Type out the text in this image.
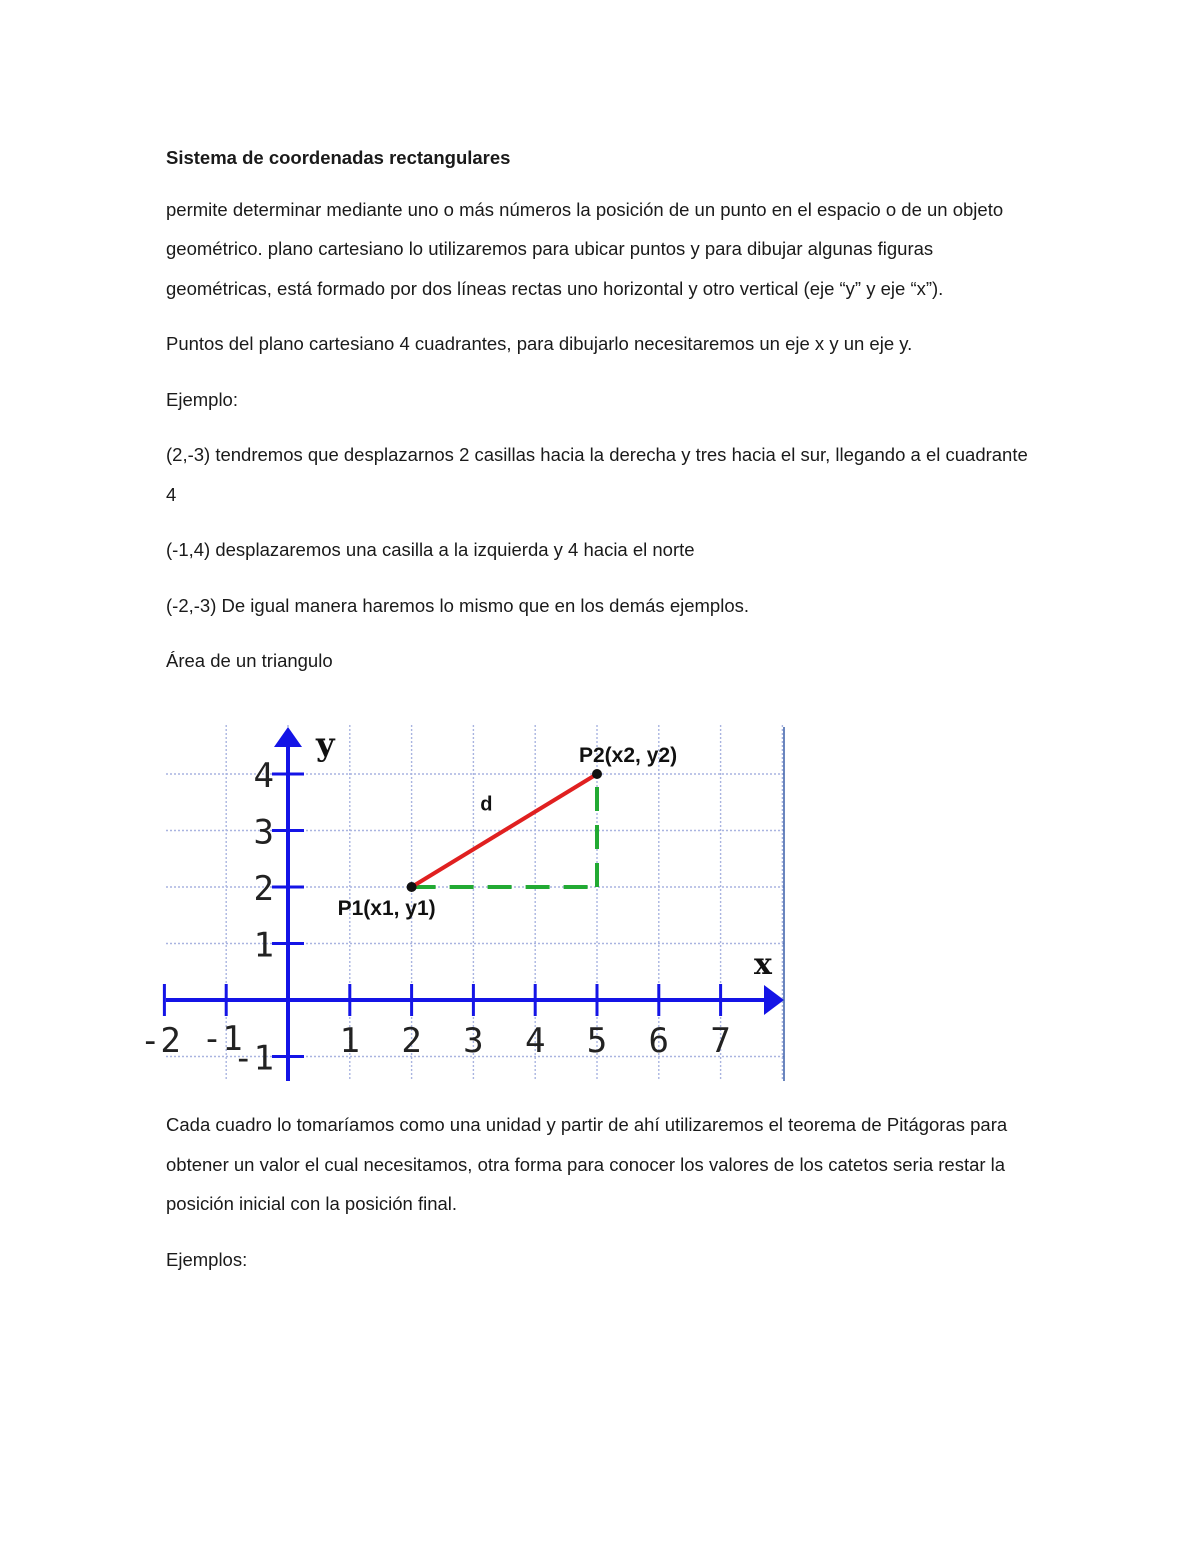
Sistema de coordenadas rectangulares

permite determinar mediante uno o más números la posición de un punto en el espacio o de un objeto geométrico. plano cartesiano lo utilizaremos para ubicar puntos y para dibujar algunas figuras geométricas, está formado por dos líneas rectas uno horizontal y otro vertical (eje “y” y eje “x”).

Puntos del plano cartesiano 4 cuadrantes, para dibujarlo necesitaremos un eje x y un eje y.

Ejemplo:

(2,-3) tendremos que desplazarnos 2 casillas hacia la derecha y tres hacia el sur, llegando a el cuadrante 4

(-1,4) desplazaremos una casilla a la izquierda y 4 hacia el norte

(-2,-3) De igual manera haremos lo mismo que en los demás ejemplos.

Área de un triangulo

-2 -1	1 2 3 4 5 6 7
4
3
2
1
-1
x
y
P1(x1, y1)
P2(x2, y2)
d

Cada cuadro lo tomaríamos como una unidad y partir de ahí utilizaremos el teorema de Pitágoras para obtener un valor el cual necesitamos, otra forma para conocer los valores de los catetos seria restar la posición inicial con la posición final.

Ejemplos:
